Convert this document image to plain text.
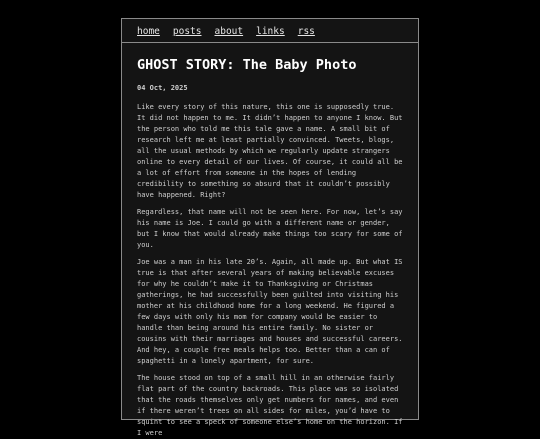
home posts about links rss
GHOST STORY: The Baby Photo
04 Oct, 2025

Like every story of this nature, this one is supposedly true. It did not happen to me. It didn’t happen to anyone I know. But the person who told me this tale gave a name. A small bit of research left me at least partially convinced. Tweets, blogs, all the usual methods by which we regularly update strangers online to every detail of our lives. Of course, it could all be a lot of effort from someone in the hopes of lending credibility to something so absurd that it couldn’t possibly have happened. Right?

Regardless, that name will not be seen here. For now, let’s say his name is Joe. I could go with a different name or gender, but I know that would already make things too scary for some of you.

Joe was a man in his late 20’s. Again, all made up. But what IS true is that after several years of making believable excuses for why he couldn’t make it to Thanksgiving or Christmas gatherings, he had successfully been guilted into visiting his mother at his childhood home for a long weekend. He figured a few days with only his mom for company would be easier to handle than being around his entire family. No sister or cousins with their marriages and houses and successful careers. And hey, a couple free meals helps too. Better than a can of spaghetti in a lonely apartment, for sure.

The house stood on top of a small hill in an otherwise fairly flat part of the country backroads. This place was so isolated that the roads themselves only get numbers for names, and even if there weren’t trees on all sides for miles, you’d have to squint to see a speck of someone else’s home on the horizon. If I were
